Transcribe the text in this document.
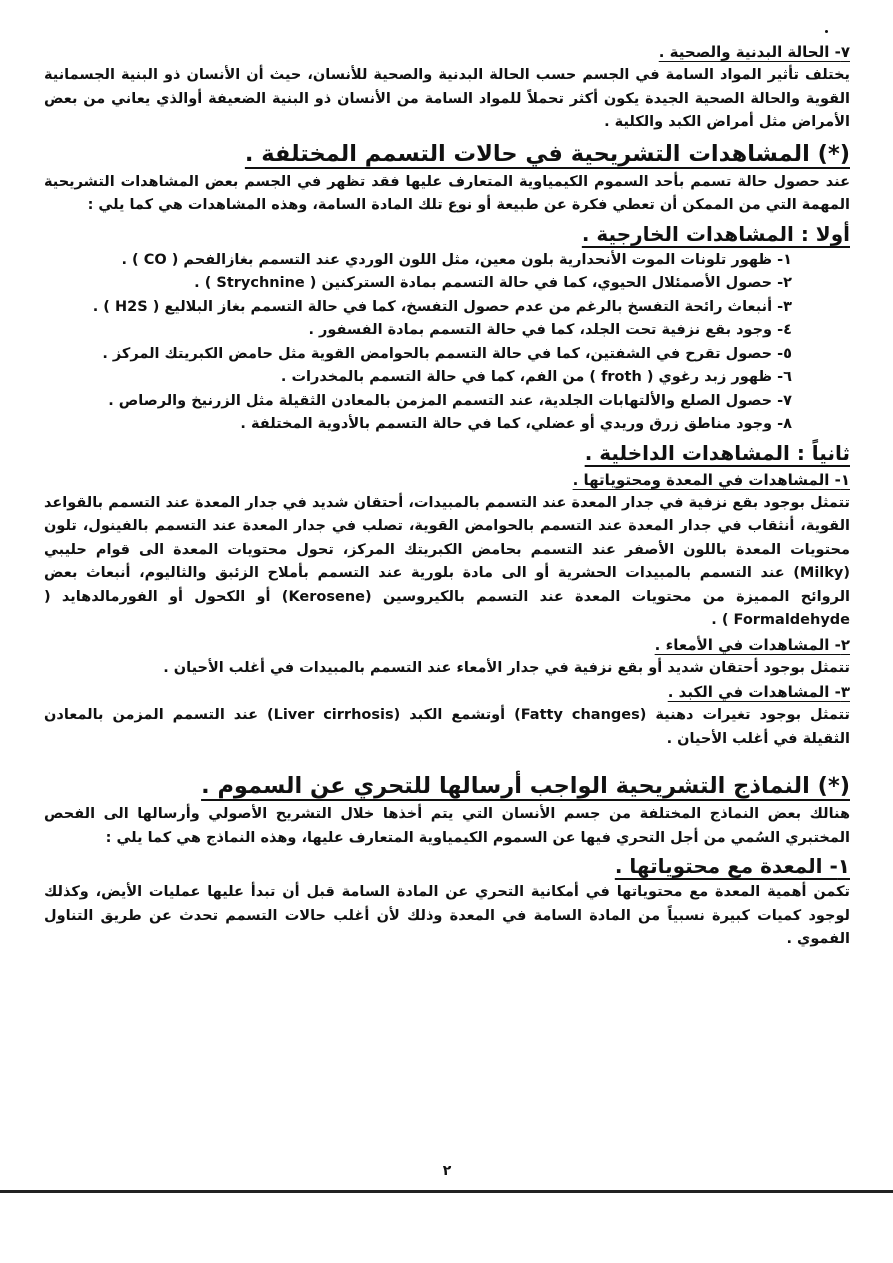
٧- الحالة البدنية والصحية .

يختلف تأثير المواد السامة في الجسم حسب الحالة البدنية والصحية للأنسان، حيث أن الأنسان ذو البنية الجسمانية القوية والحالة الصحية الجيدة يكون أكثر تحملاً للمواد السامة من الأنسان ذو البنية الضعيفة أوالذي يعاني من بعض الأمراض مثل أمراض الكبد والكلية .

(*) المشاهدات التشريحية في حالات التسمم المختلفة .

عند حصول حالة تسمم بأحد السموم الكيمياوية المتعارف عليها فقد تظهر في الجسم بعض المشاهدات التشريحية المهمة التي من الممكن أن تعطي فكرة عن طبيعة أو نوع تلك المادة السامة، وهذه المشاهدات هي كما يلي :

أولا : المشاهدات الخارجية .

١- ظهور تلونات الموت الأنحدارية بلون معين، مثل اللون الوردي عند التسمم بغازالفحم ( CO ) .

٢- حصول الأصمئلال الحيوي، كما في حالة التسمم بمادة الستركنين ( Strychnine ) .

٣- أنبعاث رائحة التفسخ بالرغم من عدم حصول التفسخ، كما في حالة التسمم بغاز البلاليع ( H2S ) .

٤- وجود بقع نزفية تحت الجلد، كما في حالة التسمم بمادة الفسفور .

٥- حصول تقرح في الشفتين، كما في حالة التسمم بالحوامض القوية مثل حامض الكبريتك المركز .

٦- ظهور زبد رغوي ( froth ) من الفم، كما في حالة التسمم بالمخدرات .

٧- حصول الصلع والألتهابات الجلدية، عند التسمم المزمن بالمعادن الثقيلة مثل الزرنيخ والرصاص .

٨- وجود مناطق زرق وريدي أو عضلي، كما في حالة التسمم بالأدوية المختلفة .

ثانياً : المشاهدات الداخلية .

١- المشاهدات في المعدة ومحتوياتها .

تتمثل بوجود بقع نزفية في جدار المعدة عند التسمم بالمبيدات، أحتقان شديد في جدار المعدة عند التسمم بالقواعد القوية، أنثقاب في جدار المعدة عند التسمم بالحوامض القوية، تصلب في جدار المعدة عند التسمم بالفينول، تلون محتويات المعدة باللون الأصفر عند التسمم بحامض الكبريتك المركز، تحول محتويات المعدة الى قوام حليبي (Milky) عند التسمم بالمبيدات الحشرية أو الى مادة بلورية عند التسمم بأملاح الزئبق والثاليوم، أنبعاث بعض الروائح المميزة من محتويات المعدة عند التسمم بالكيروسين (Kerosene) أو الكحول أو الفورمالدهايد ( Formaldehyde ) .

٢- المشاهدات في الأمعاء .

تتمثل بوجود أحتقان شديد أو بقع نزفية في جدار الأمعاء عند التسمم بالمبيدات في أغلب الأحيان .

٣- المشاهدات في الكبد .

تتمثل بوجود تغيرات دهنية (Fatty changes) أوتشمع الكبد (Liver cirrhosis) عند التسمم المزمن بالمعادن الثقيلة في أغلب الأحيان .

(*) النماذج التشريحية الواجب أرسالها للتحري عن السموم .

هنالك بعض النماذج المختلفة من جسم الأنسان التي يتم أخذها خلال التشريح الأصولي وأرسالها الى الفحص المختبري السُمي من أجل التحري فيها عن السموم الكيمياوية المتعارف عليها، وهذه النماذج هي كما يلي :

١- المعدة مع محتوياتها .

تكمن أهمية المعدة مع محتوياتها في أمكانية التحري عن المادة السامة قبل أن تبدأ عليها عمليات الأيض، وكذلك لوجود كميات كبيرة نسبياً من المادة السامة في المعدة وذلك لأن أغلب حالات التسمم تحدث عن طريق التناول الفموي .

٢
